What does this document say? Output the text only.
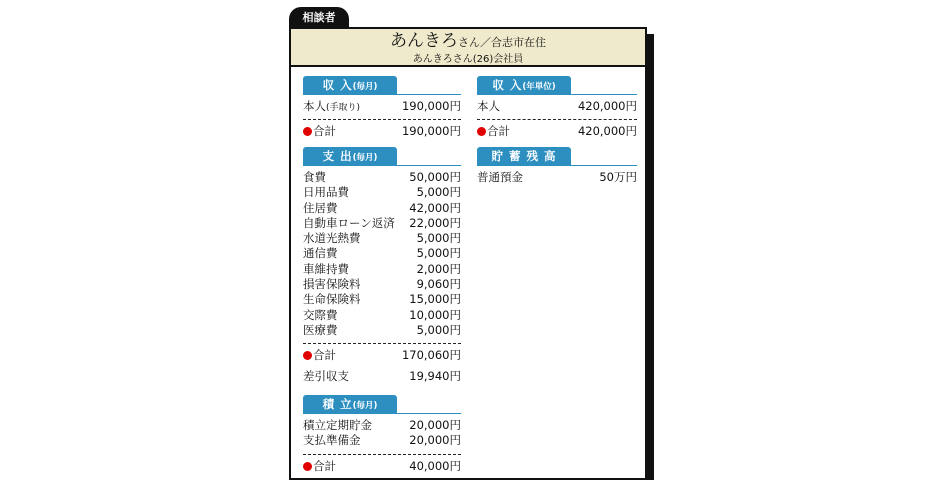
相談者
あんきろさん／合志市在住
あんきろさん(26)会社員
収 入(毎月)
本人(手取り)	190,000円
合計	190,000円
支 出(毎月)
食費	50,000円
日用品費	5,000円
住居費	42,000円
自動車ローン返済 22,000円
水道光熱費	5,000円
通信費	5,000円
車維持費	2,000円
損害保険料	9,060円
生命保険料	15,000円
交際費	10,000円
医療費	5,000円
合計	170,060円
差引収支	19,940円
積 立(毎月)
積立定期貯金	20,000円
支払準備金	20,000円
合計	40,000円
収 入(年単位)
本人	420,000円
合計	420,000円
貯 蓄 残 高
普通預金	50万円
